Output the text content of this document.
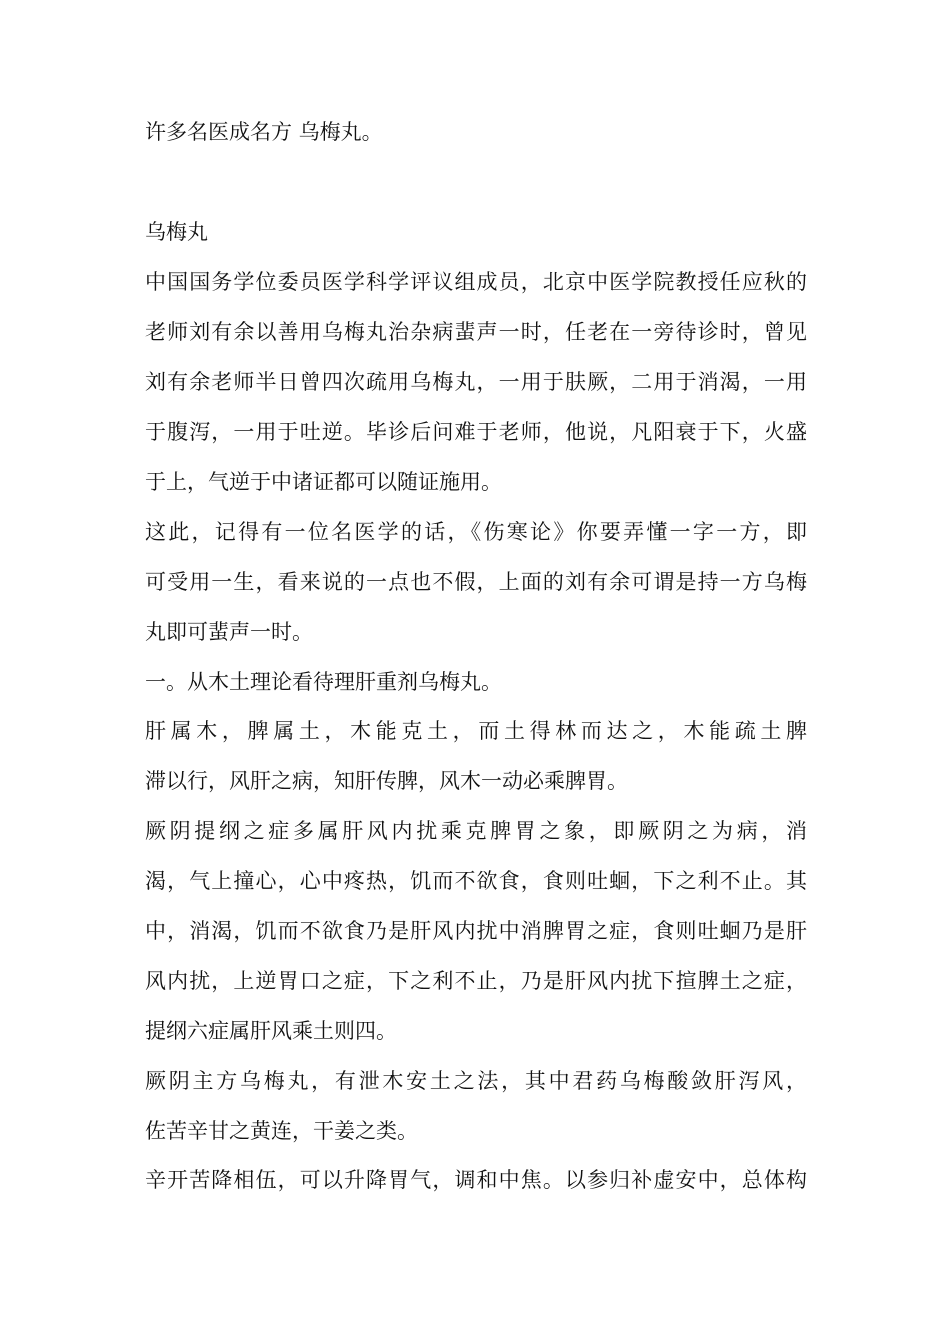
许多名医成名方 乌梅丸。
乌梅丸
中国国务学位委员医学科学评议组成员，北京中医学院教授任应秋的
老师刘有余以善用乌梅丸治杂病蜚声一时，任老在一旁待诊时，曾见
刘有余老师半日曾四次疏用乌梅丸，一用于肤厥，二用于消渴，一用
于腹泻，一用于吐逆。毕诊后问难于老师，他说，凡阳衰于下，火盛
于上，气逆于中诸证都可以随证施用。
这此，记得有一位名医学的话，《伤寒论》你要弄懂一字一方，即
可受用一生，看来说的一点也不假，上面的刘有余可谓是持一方乌梅
丸即可蜚声一时。
一。从木土理论看待理肝重剂乌梅丸。
肝属木，脾属土，木能克土，而土得林而达之，木能疏土脾
滞以行，风肝之病，知肝传脾，风木一动必乘脾胃。
厥阴提纲之症多属肝风内扰乘克脾胃之象，即厥阴之为病，消
渴，气上撞心，心中疼热，饥而不欲食，食则吐蛔，下之利不止。其
中，消渴，饥而不欲食乃是肝风内扰中消脾胃之症，食则吐蛔乃是肝
风内扰，上逆胃口之症，下之利不止，乃是肝风内扰下揎脾土之症，
提纲六症属肝风乘土则四。
厥阴主方乌梅丸，有泄木安土之法，其中君药乌梅酸敛肝泻风，
佐苦辛甘之黄连，干姜之类。
辛开苦降相伍，可以升降胃气，调和中焦。以参归补虚安中，总体构
